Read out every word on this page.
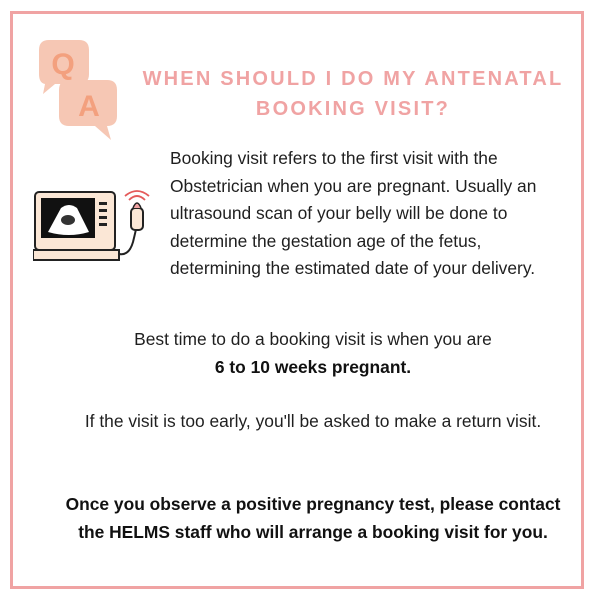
Q
A
WHEN SHOULD I DO MY ANTENATAL
BOOKING VISIT?
Booking visit refers to the first visit with the Obstetrician when you are pregnant. Usually an ultrasound scan of your belly will be done to determine the gestation age of the fetus, determining the estimated date of your delivery.
Best time to do a booking visit is when you are
6 to 10 weeks pregnant.
If the visit is too early, you'll be asked to make a return visit.
Once you observe a positive pregnancy test, please contact the HELMS staff who will arrange a booking visit for you.
